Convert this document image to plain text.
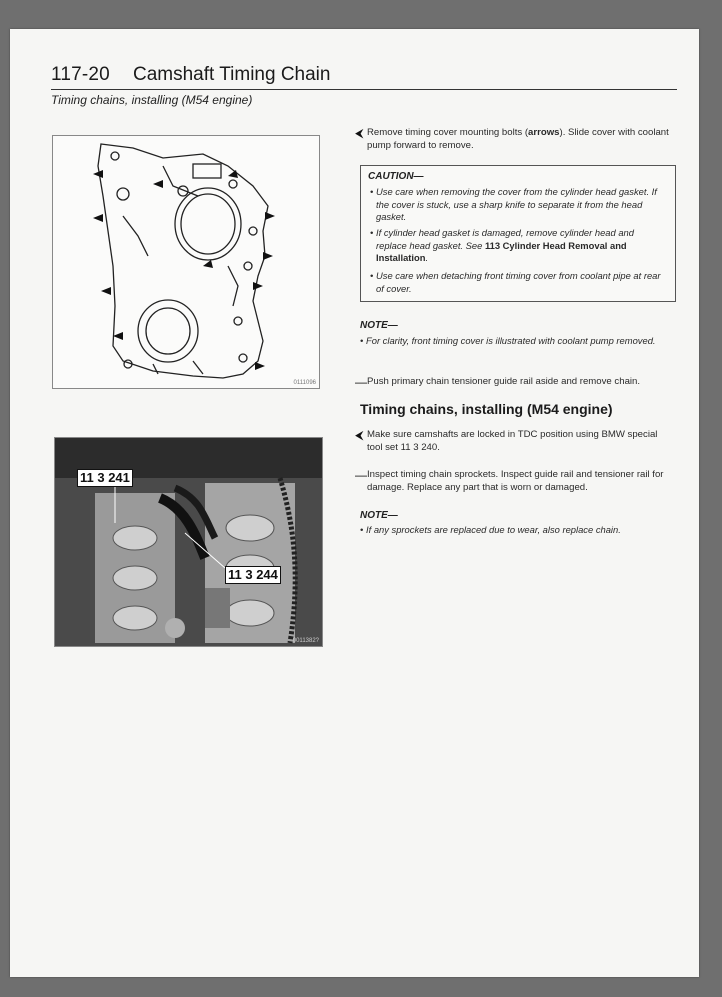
117-20 Camshaft Timing Chain
Timing chains, installing (M54 engine)
0111096
11 3 241
11 3 244
0011382?
⮜ Remove timing cover mounting bolts (arrows). Slide cover with coolant pump forward to remove.
CAUTION—
• Use care when removing the cover from the cylinder head gasket. If the cover is stuck, use a sharp knife to separate it from the head gasket.
• If cylinder head gasket is damaged, remove cylinder head and replace head gasket. See 113 Cylinder Head Removal and Installation.
• Use care when detaching front timing cover from coolant pipe at rear of cover.
NOTE—
• For clarity, front timing cover is illustrated with coolant pump removed.
— Push primary chain tensioner guide rail aside and remove chain.
Timing chains, installing (M54 engine)
⮜ Make sure camshafts are locked in TDC position using BMW special tool set 11 3 240.
— Inspect timing chain sprockets. Inspect guide rail and tensioner rail for damage. Replace any part that is worn or damaged.
NOTE—
• If any sprockets are replaced due to wear, also replace chain.
